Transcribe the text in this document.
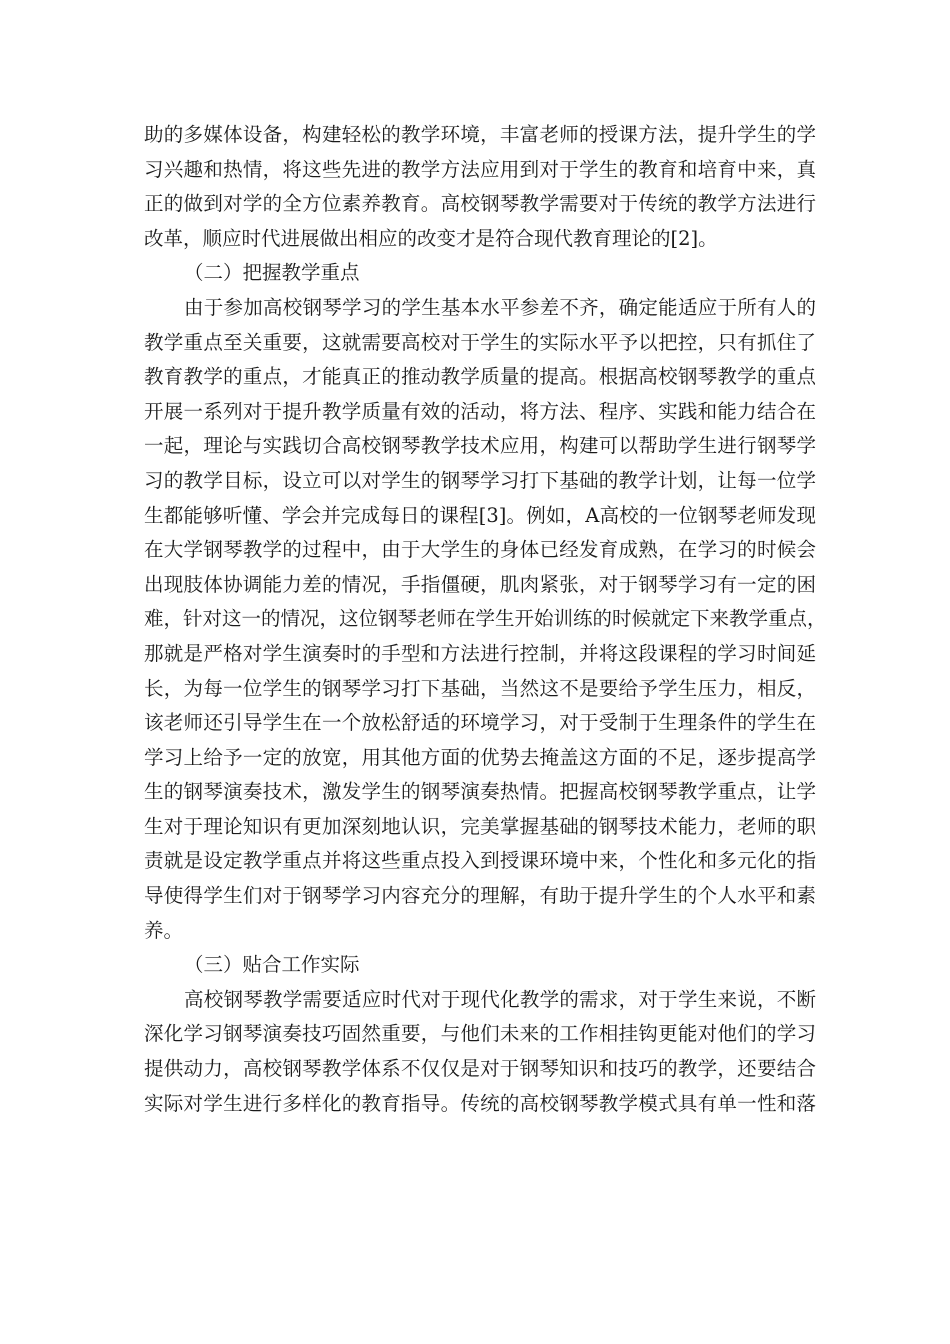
助的多媒体设备，构建轻松的教学环境，丰富老师的授课方法，提升学生的学
习兴趣和热情，将这些先进的教学方法应用到对于学生的教育和培育中来，真
正的做到对学的全方位素养教育。高校钢琴教学需要对于传统的教学方法进行
改革，顺应时代进展做出相应的改变才是符合现代教育理论的[2]。
（二）把握教学重点
由于参加高校钢琴学习的学生基本水平参差不齐，确定能适应于所有人的
教学重点至关重要，这就需要高校对于学生的实际水平予以把控，只有抓住了
教育教学的重点，才能真正的推动教学质量的提高。根据高校钢琴教学的重点
开展一系列对于提升教学质量有效的活动，将方法、程序、实践和能力结合在
一起，理论与实践切合高校钢琴教学技术应用，构建可以帮助学生进行钢琴学
习的教学目标，设立可以对学生的钢琴学习打下基础的教学计划，让每一位学
生都能够听懂、学会并完成每日的课程[3]。例如，A高校的一位钢琴老师发现
在大学钢琴教学的过程中，由于大学生的身体已经发育成熟，在学习的时候会
出现肢体协调能力差的情况，手指僵硬，肌肉紧张，对于钢琴学习有一定的困
难，针对这一的情况，这位钢琴老师在学生开始训练的时候就定下来教学重点，
那就是严格对学生演奏时的手型和方法进行控制，并将这段课程的学习时间延
长，为每一位学生的钢琴学习打下基础，当然这不是要给予学生压力，相反，
该老师还引导学生在一个放松舒适的环境学习，对于受制于生理条件的学生在
学习上给予一定的放宽，用其他方面的优势去掩盖这方面的不足，逐步提高学
生的钢琴演奏技术，激发学生的钢琴演奏热情。把握高校钢琴教学重点，让学
生对于理论知识有更加深刻地认识，完美掌握基础的钢琴技术能力，老师的职
责就是设定教学重点并将这些重点投入到授课环境中来，个性化和多元化的指
导使得学生们对于钢琴学习内容充分的理解，有助于提升学生的个人水平和素
养。
（三）贴合工作实际
高校钢琴教学需要适应时代对于现代化教学的需求，对于学生来说，不断
深化学习钢琴演奏技巧固然重要，与他们未来的工作相挂钩更能对他们的学习
提供动力，高校钢琴教学体系不仅仅是对于钢琴知识和技巧的教学，还要结合
实际对学生进行多样化的教育指导。传统的高校钢琴教学模式具有单一性和落
